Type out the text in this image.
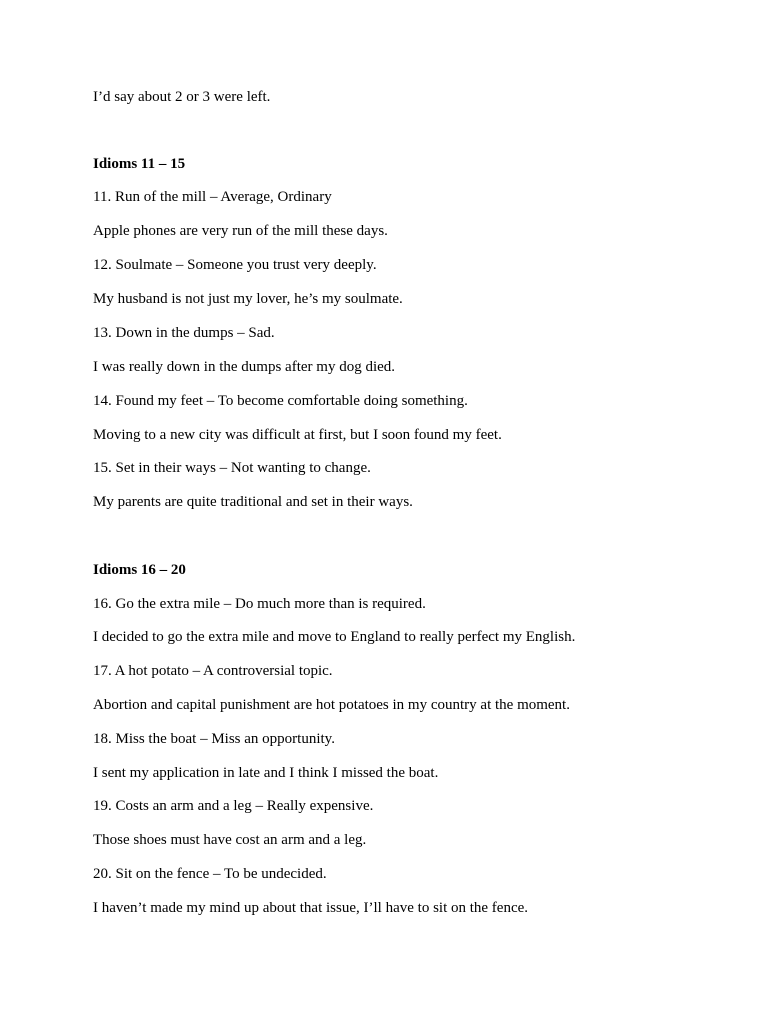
I’d say about 2 or 3 were left.

Idioms 11 – 15

11. Run of the mill – Average, Ordinary

Apple phones are very run of the mill these days.

12. Soulmate – Someone you trust very deeply.

My husband is not just my lover, he’s my soulmate.

13. Down in the dumps – Sad.

I was really down in the dumps after my dog died.

14. Found my feet – To become comfortable doing something.

Moving to a new city was difficult at first, but I soon found my feet.

15. Set in their ways – Not wanting to change.

My parents are quite traditional and set in their ways.

Idioms 16 – 20

16. Go the extra mile – Do much more than is required.

I decided to go the extra mile and move to England to really perfect my English.

17. A hot potato – A controversial topic.

Abortion and capital punishment are hot potatoes in my country at the moment.

18. Miss the boat – Miss an opportunity.

I sent my application in late and I think I missed the boat.

19. Costs an arm and a leg – Really expensive.

Those shoes must have cost an arm and a leg.

20. Sit on the fence – To be undecided.

I haven’t made my mind up about that issue, I’ll have to sit on the fence.
